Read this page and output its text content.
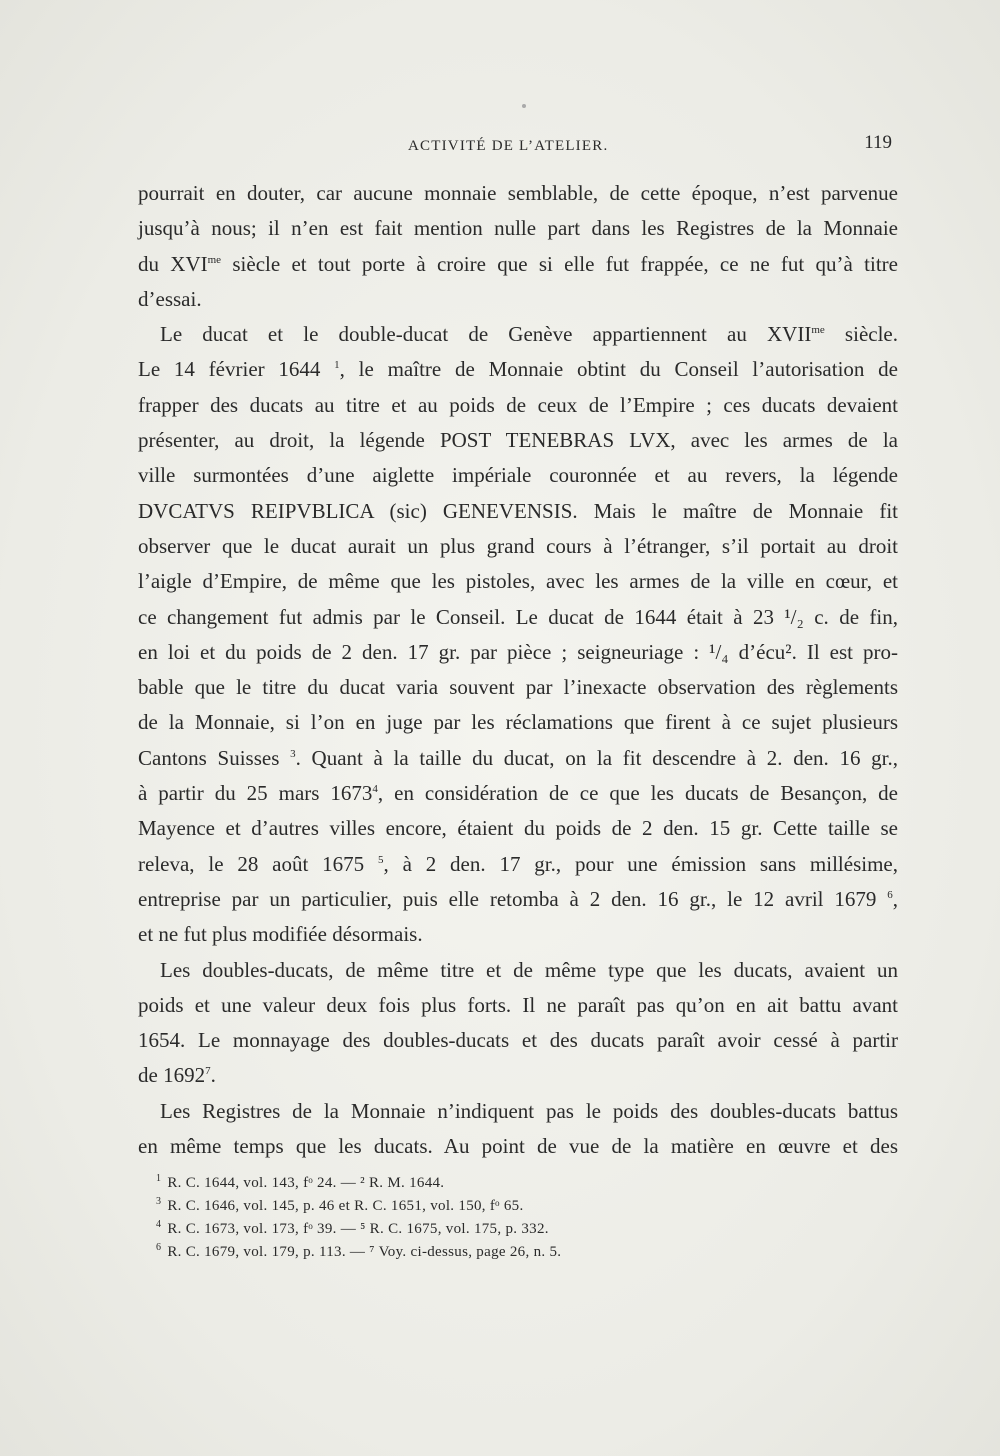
ACTIVITÉ DE L’ATELIER.	119
pourrait en douter, car aucune monnaie semblable, de cette époque, n’est parvenue
jusqu’à nous; il n’en est fait mention nulle part dans les Registres de la Monnaie
du $XVI^{me}$ siècle et tout porte à croire que si elle fut frappée, ce ne fut qu’à titre
d’essai.
Le ducat et le double-ducat de Genève appartiennent au $XVII^{me}$ siècle.
Le 14 février 1644 $^1$, le maître de Monnaie obtint du Conseil l’autorisation de
frapper des ducats au titre et au poids de ceux de l’Empire ; ces ducats devaient
présenter, au droit, la légende POST TENEBRAS LVX, avec les armes de la
ville surmontées d’une aiglette impériale couronnée et au revers, la légende
DVCATVS REIPVBLICA (sic) GENEVENSIS. Mais le maître de Monnaie fit
observer que le ducat aurait un plus grand cours à l’étranger, s’il portait au droit
l’aigle d’Empire, de même que les pistoles, avec les armes de la ville en cœur, et
ce changement fut admis par le Conseil. Le ducat de 1644 était à 23 ¹/₂ c. de fin,
en loi et du poids de 2 den. 17 gr. par pièce ; seigneuriage : ¹/₄ d’écu². Il est pro-
bable que le titre du ducat varia souvent par l’inexacte observation des règlements
de la Monnaie, si l’on en juge par les réclamations que firent à ce sujet plusieurs
Cantons Suisses $^3$. Quant à la taille du ducat, on la fit descendre à 2. den. 16 gr.,
à partir du 25 mars 1673$^4$, en considération de ce que les ducats de Besançon, de
Mayence et d’autres villes encore, étaient du poids de 2 den. 15 gr. Cette taille se
releva, le 28 août 1675 $^5$, à 2 den. 17 gr., pour une émission sans millésime,
entreprise par un particulier, puis elle retomba à 2 den. 16 gr., le 12 avril 1679 $^6$,
et ne fut plus modifiée désormais.
Les doubles-ducats, de même titre et de même type que les ducats, avaient un
poids et une valeur deux fois plus forts. Il ne paraît pas qu’on en ait battu avant
1654. Le monnayage des doubles-ducats et des ducats paraît avoir cessé à partir
de 1692$^7$.
Les Registres de la Monnaie n’indiquent pas le poids des doubles-ducats battus
en même temps que les ducats. Au point de vue de la matière en œuvre et des
$^1$ R. C. 1644, vol. 143, fᵒ 24. — ² R. M. 1644.
$^3$ R. C. 1646, vol. 145, p. 46 et R. C. 1651, vol. 150, fᵒ 65.
$^4$ R. C. 1673, vol. 173, fᵒ 39. — ⁵ R. C. 1675, vol. 175, p. 332.
$^6$ R. C. 1679, vol. 179, p. 113. — ⁷ Voy. ci-dessus, page 26, n. 5.
